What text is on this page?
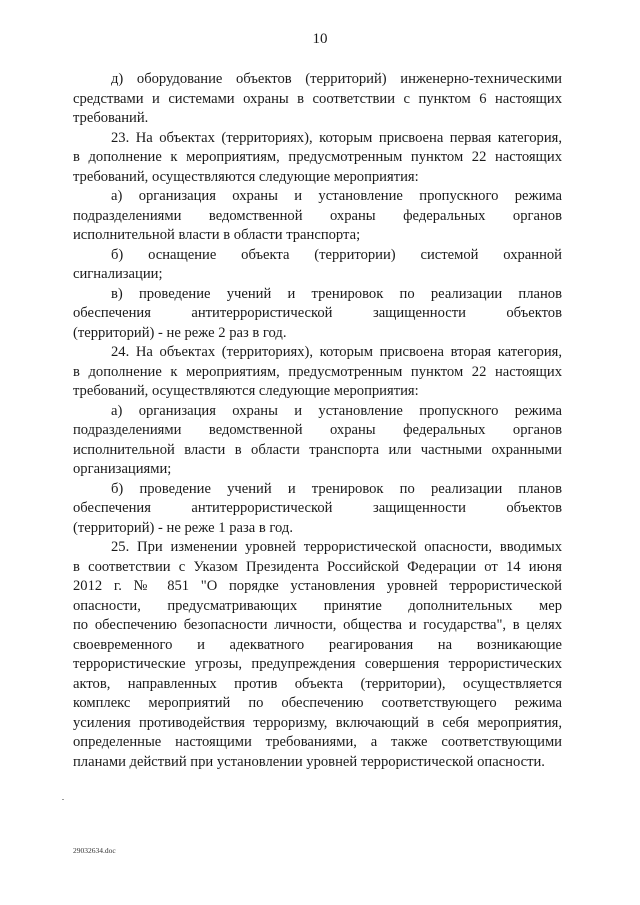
10
д) оборудование объектов (территорий) инженерно-техническими
средствами и системами охраны в соответствии с пунктом 6 настоящих
требований.
23. На объектах (территориях), которым присвоена первая категория,
в дополнение к мероприятиям, предусмотренным пунктом 22 настоящих
требований, осуществляются следующие мероприятия:
а) организация охраны и установление пропускного режима
подразделениями ведомственной охраны федеральных органов
исполнительной власти в области транспорта;
б) оснащение объекта (территории) системой охранной
сигнализации;
в) проведение учений и тренировок по реализации планов
обеспечения антитеррористической защищенности объектов
(территорий) - не реже 2 раз в год.
24. На объектах (территориях), которым присвоена вторая категория,
в дополнение к мероприятиям, предусмотренным пунктом 22 настоящих
требований, осуществляются следующие мероприятия:
а) организация охраны и установление пропускного режима
подразделениями ведомственной охраны федеральных органов
исполнительной власти в области транспорта или частными охранными
организациями;
б) проведение учений и тренировок по реализации планов
обеспечения антитеррористической защищенности объектов
(территорий) - не реже 1 раза в год.
25. При изменении уровней террористической опасности, вводимых
в соответствии с Указом Президента Российской Федерации от 14 июня
2012 г. № 851 "О порядке установления уровней террористической
опасности, предусматривающих принятие дополнительных мер
по обеспечению безопасности личности, общества и государства", в целях
своевременного и адекватного реагирования на возникающие
террористические угрозы, предупреждения совершения террористических
актов, направленных против объекта (территории), осуществляется
комплекс мероприятий по обеспечению соответствующего режима
усиления противодействия терроризму, включающий в себя мероприятия,
определенные настоящими требованиями, а также соответствующими
планами действий при установлении уровней террористической опасности.
29032634.doc
